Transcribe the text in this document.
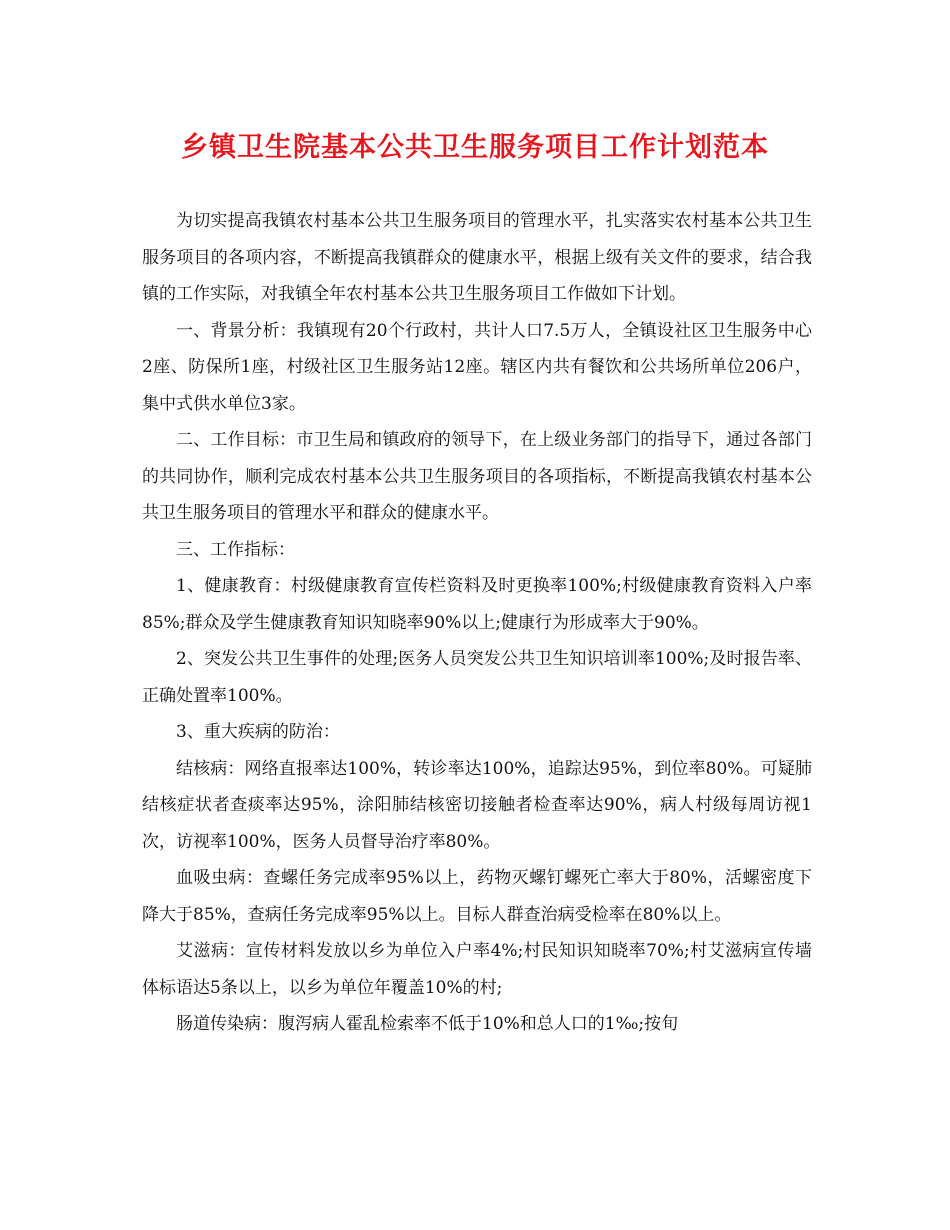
乡镇卫生院基本公共卫生服务项目工作计划范本

为切实提高我镇农村基本公共卫生服务项目的管理水平，扎实落实农村基本公共卫生服务项目的各项内容，不断提高我镇群众的健康水平，根据上级有关文件的要求，结合我镇的工作实际，对我镇全年农村基本公共卫生服务项目工作做如下计划。

一、背景分析：我镇现有20个行政村，共计人口7.5万人，全镇设社区卫生服务中心2座、防保所1座，村级社区卫生服务站12座。辖区内共有餐饮和公共场所单位206户，集中式供水单位3家。

二、工作目标：市卫生局和镇政府的领导下，在上级业务部门的指导下，通过各部门的共同协作，顺利完成农村基本公共卫生服务项目的各项指标，不断提高我镇农村基本公共卫生服务项目的管理水平和群众的健康水平。

三、工作指标：

1、健康教育：村级健康教育宣传栏资料及时更换率100%;村级健康教育资料入户率85%;群众及学生健康教育知识知晓率90%以上;健康行为形成率大于90%。

2、突发公共卫生事件的处理;医务人员突发公共卫生知识培训率100%;及时报告率、正确处置率100%。

3、重大疾病的防治：

结核病：网络直报率达100%，转诊率达100%，追踪达95%，到位率80%。可疑肺结核症状者查痰率达95%，涂阳肺结核密切接触者检查率达90%，病人村级每周访视1次，访视率100%，医务人员督导治疗率80%。

血吸虫病：查螺任务完成率95%以上，药物灭螺钉螺死亡率大于80%，活螺密度下降大于85%，查病任务完成率95%以上。目标人群查治病受检率在80%以上。

艾滋病：宣传材料发放以乡为单位入户率4%;村民知识知晓率70%;村艾滋病宣传墙体标语达5条以上，以乡为单位年覆盖10%的村;

肠道传染病：腹泻病人霍乱检索率不低于10%和总人口的1‰;按旬
